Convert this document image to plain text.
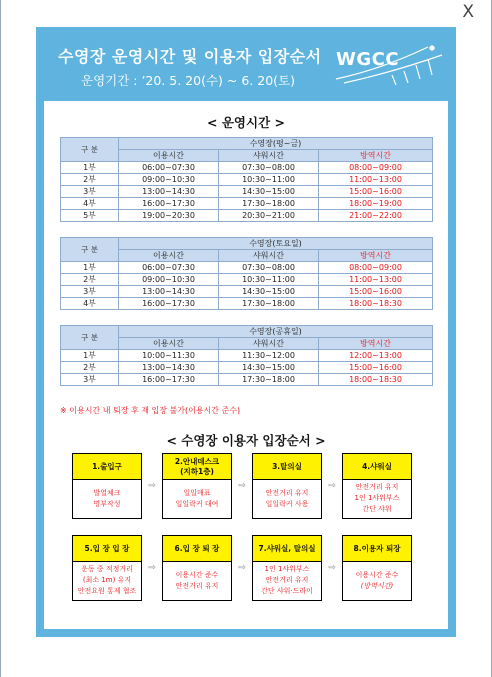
X
수영장 운영시간 및 이용자 입장순서
운영기간 : ’20. 5. 20(수) ~ 6. 20(토)
WGCC
< 운영시간 >
구 분	수영장(평~금)		
	이용시간	샤워시간	방역시간
1부	06:00~07:30	07:30~08:00	08:00~09:00
2부	09:00~10:30	10:30~11:00	11:00~13:00
3부	13:00~14:30	14:30~15:00	15:00~16:00
4부	16:00~17:30	17:30~18:00	18:00~19:00
5부	19:00~20:30	20:30~21:00	21:00~22:00
구 분	수영장(토요일)		
	이용시간	샤워시간	방역시간
1부	06:00~07:30	07:30~08:00	08:00~09:00
2부	09:00~10:30	10:30~11:00	11:00~13:00
3부	13:00~14:30	14:30~15:00	15:00~16:00
4부	16:00~17:30	17:30~18:00	18:00~18:30
구 분	수영장(공휴일)		
	이용시간	샤워시간	방역시간
1부	10:00~11:30	11:30~12:00	12:00~13:00
2부	13:00~14:30	14:30~15:00	15:00~16:00
3부	16:00~17:30	17:30~18:00	18:00~18:30
※ 이용시간 내 퇴장 후 재 입장 불가(이용시간 준수)
< 수영장 이용자 입장순서 >
1.출입구
발열체크
명부작성
⇨
2.안내데스크
(지하1층)
일일매표
일일락커 대여
⇨
3.탈의실
안전거리 유지
일일락커 사용
⇨
4.샤워실
안전거리 유지
1인 1샤워부스
간단 샤워
5.입 장 입 장
운동 중 적정거리
(최소 1m) 유지
안전요원 통제 협조
⇨
6.입 장 퇴 장
이용시간 준수
안전거리 유지
⇨
7.샤워실, 탈의실
1인 1샤워부스
안전거리 유지
간단 샤워·드라이
⇨
8.이용자 퇴장
이용시간 준수
(방역시간)
